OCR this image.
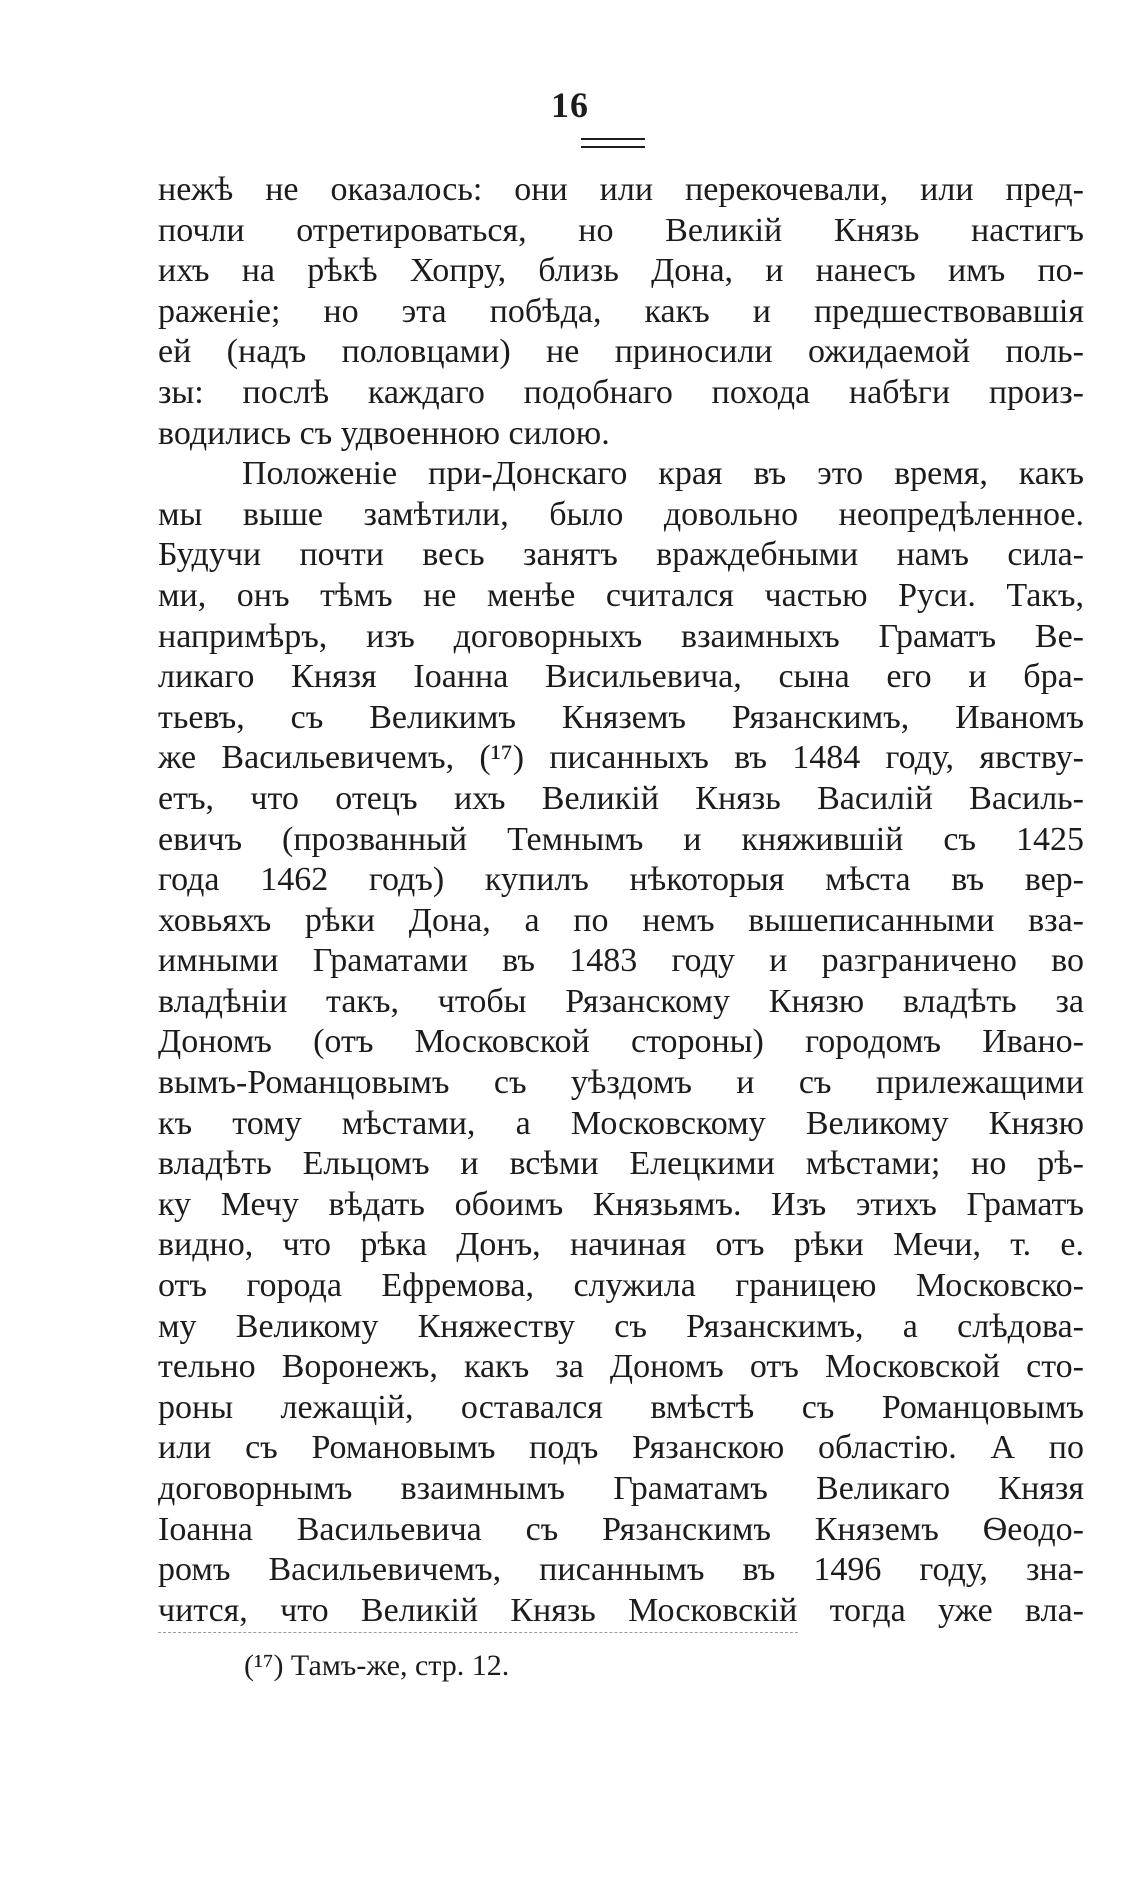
16
нежѣ не оказалось: они или перекочевали, или пред-
почли отретироваться, но Великій Князь настигъ
ихъ на рѣкѣ Хопру, близь Дона, и нанесъ имъ по-
раженіе; но эта побѣда, какъ и предшествовавшія
ей (надъ половцами) не приносили ожидаемой поль-
зы: послѣ каждаго подобнаго похода набѣги произ-
водились съ удвоенною силою.
Положеніе при-Донскаго края въ это время, какъ
мы выше замѣтили, было довольно неопредѣленное.
Будучи почти весь занятъ враждебными намъ сила-
ми, онъ тѣмъ не менѣе считался частью Руси. Такъ,
напримѣръ, изъ договорныхъ взаимныхъ Граматъ Ве-
ликаго Князя Іоанна Висильевича, сына его и бра-
тьевъ, съ Великимъ Княземъ Рязанскимъ, Иваномъ
же Васильевичемъ, (¹⁷) писанныхъ въ 1484 году, явству-
етъ, что отецъ ихъ Великій Князь Василій Василь-
евичъ (прозванный Темнымъ и княжившій съ 1425
года 1462 годъ) купилъ нѣкоторыя мѣста въ вер-
ховьяхъ рѣки Дона, а по немъ вышеписанными вза-
имными Граматами въ 1483 году и разграничено во
владѣніи такъ, чтобы Рязанскому Князю владѣть за
Дономъ (отъ Московской стороны) городомъ Ивано-
вымъ-Романцовымъ съ уѣздомъ и съ прилежащими
къ тому мѣстами, а Московскому Великому Князю
владѣть Ельцомъ и всѣми Елецкими мѣстами; но рѣ-
ку Мечу вѣдать обоимъ Князьямъ. Изъ этихъ Граматъ
видно, что рѣка Донъ, начиная отъ рѣки Мечи, т. е.
отъ города Ефремова, служила границею Московско-
му Великому Княжеству съ Рязанскимъ, а слѣдова-
тельно Воронежъ, какъ за Дономъ отъ Московской сто-
роны лежащій, оставался вмѣстѣ съ Романцовымъ
или съ Романовымъ подъ Рязанскою областію. А по
договорнымъ взаимнымъ Граматамъ Великаго Князя
Іоанна Васильевича съ Рязанскимъ Княземъ Ѳеодо-
ромъ Васильевичемъ, писаннымъ въ 1496 году, зна-
чится, что Великій Князь Московскій тогда уже вла-
(¹⁷) Тамъ-же, стр. 12.
